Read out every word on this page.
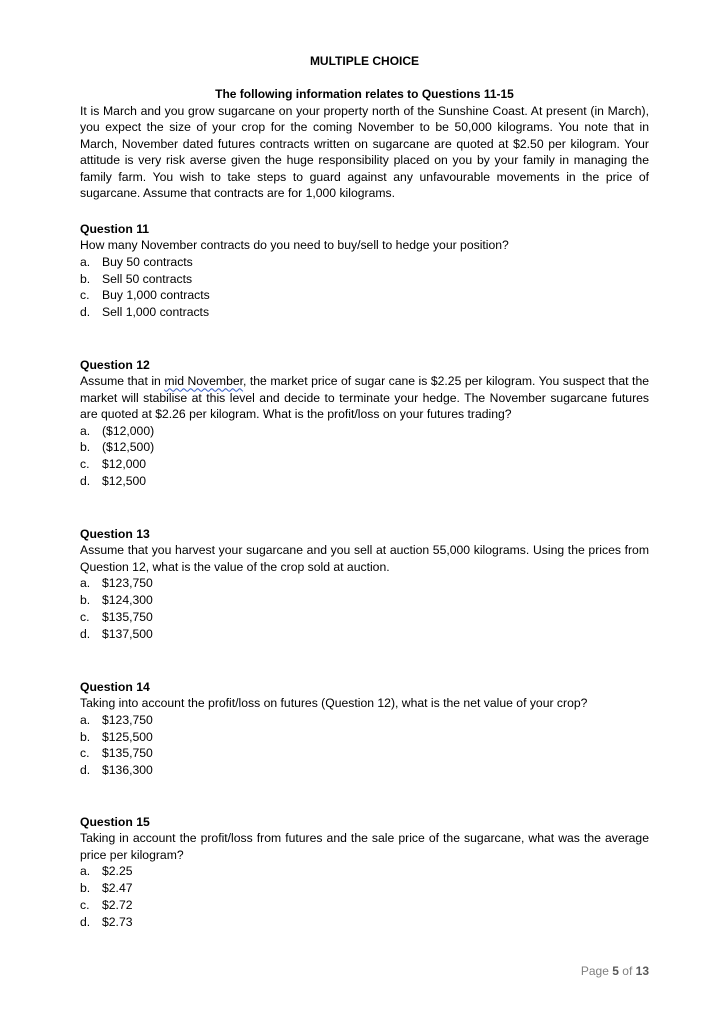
MULTIPLE CHOICE
The following information relates to Questions 11-15

It is March and you grow sugarcane on your property north of the Sunshine Coast. At present (in March), you expect the size of your crop for the coming November to be 50,000 kilograms. You note that in March, November dated futures contracts written on sugarcane are quoted at $2.50 per kilogram. Your attitude is very risk averse given the huge responsibility placed on you by your family in managing the family farm. You wish to take steps to guard against any unfavourable movements in the price of sugarcane. Assume that contracts are for 1,000 kilograms.

Question 11

How many November contracts do you need to buy/sell to hedge your position?

a. Buy 50 contracts
b. Sell 50 contracts
c.	Buy 1,000 contracts
d. Sell 1,000 contracts

Question 12

Assume that in mid November, the market price of sugar cane is $2.25 per kilogram. You suspect that the market will stabilise at this level and decide to terminate your hedge. The November sugarcane futures are quoted at $2.26 per kilogram. What is the profit/loss on your futures trading?

a. ($12,000)
b. ($12,500)
c.	$12,000
d. $12,500

Question 13

Assume that you harvest your sugarcane and you sell at auction 55,000 kilograms. Using the prices from Question 12, what is the value of the crop sold at auction.

a. $123,750
b. $124,300
c.	$135,750
d. $137,500

Question 14

Taking into account the profit/loss on futures (Question 12), what is the net value of your crop?

a. $123,750
b. $125,500
c.	$135,750
d. $136,300

Question 15

Taking in account the profit/loss from futures and the sale price of the sugarcane, what was the average price per kilogram?

a. $2.25
b. $2.47
c.	$2.72
d. $2.73
Page 5 of 13
